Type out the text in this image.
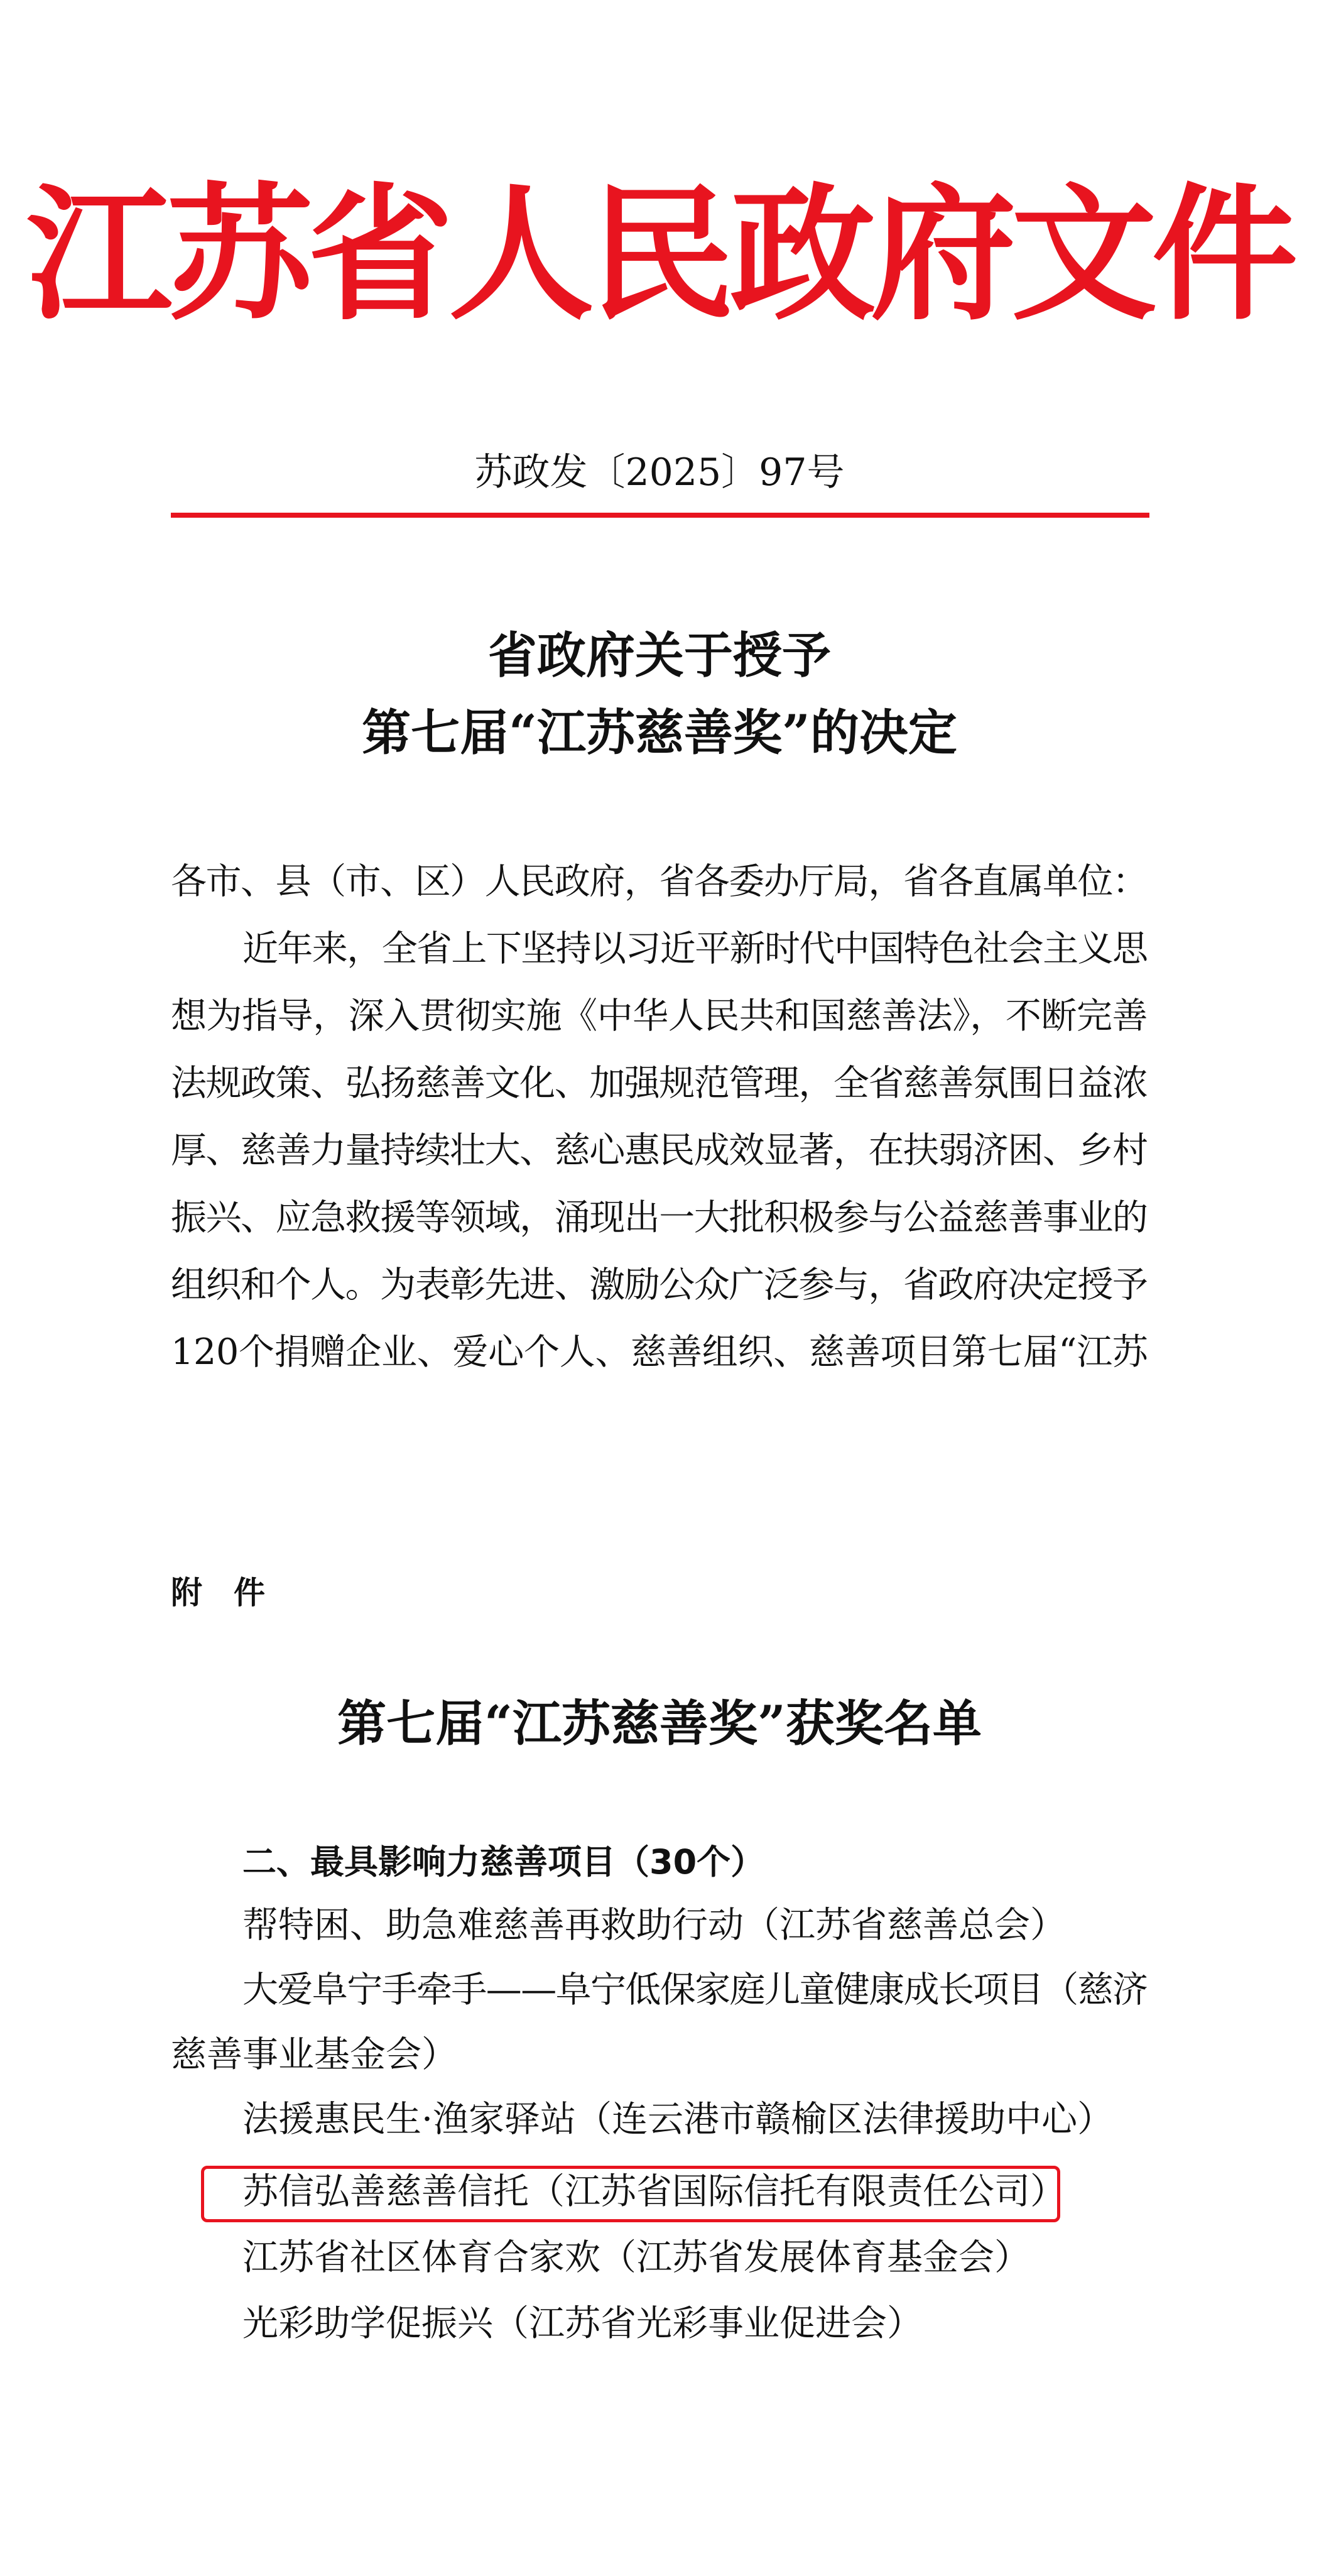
江苏省人民政府文件
苏政发〔2025〕97号
省政府关于授予
第七届“江苏慈善奖”的决定
各市、县（市、区）人民政府，省各委办厅局，省各直属单位：
近年来，全省上下坚持以习近平新时代中国特色社会主义思
想为指导，深入贯彻实施《中华人民共和国慈善法》，不断完善
法规政策、弘扬慈善文化、加强规范管理，全省慈善氛围日益浓
厚、慈善力量持续壮大、慈心惠民成效显著，在扶弱济困、乡村
振兴、应急救援等领域，涌现出一大批积极参与公益慈善事业的
组织和个人。为表彰先进、激励公众广泛参与，省政府决定授予
120个捐赠企业、爱心个人、慈善组织、慈善项目第七届“江苏
附　件
第七届“江苏慈善奖”获奖名单
二、最具影响力慈善项目（30个）
帮特困、助急难慈善再救助行动（江苏省慈善总会）
大爱阜宁手牵手——阜宁低保家庭儿童健康成长项目（慈济
慈善事业基金会）
法援惠民生·渔家驿站（连云港市赣榆区法律援助中心）
苏信弘善慈善信托（江苏省国际信托有限责任公司）
江苏省社区体育合家欢（江苏省发展体育基金会）
光彩助学促振兴（江苏省光彩事业促进会）
